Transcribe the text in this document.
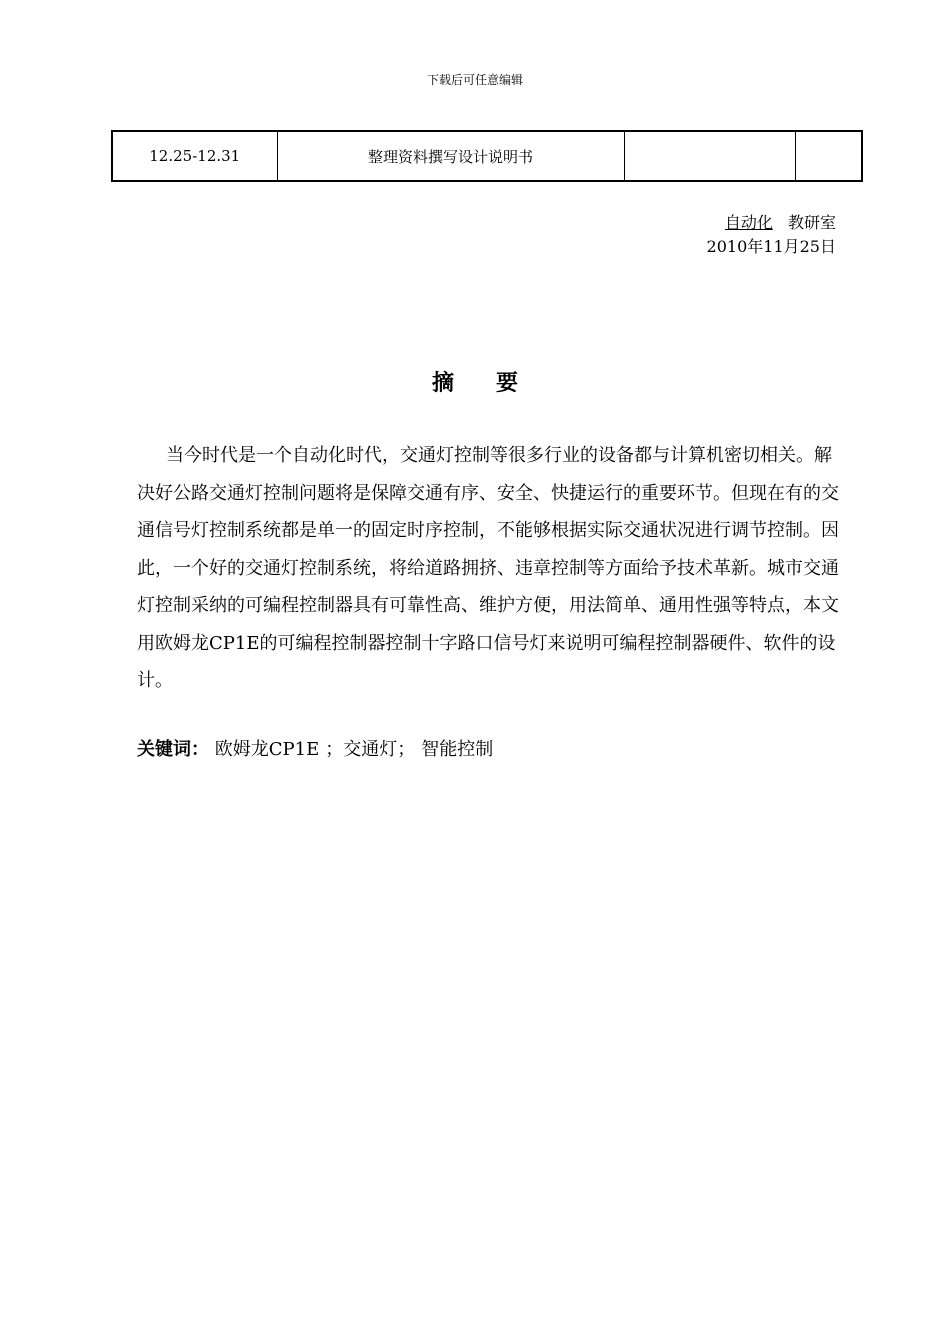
下载后可任意编辑
12.25-12.31	整理资料撰写设计说明书		
自动化 教研室
2010年11月25日
摘要

当今时代是一个自动化时代，交通灯控制等很多行业的设备都与计算机密切相关。解决好公路交通灯控制问题将是保障交通有序、安全、快捷运行的重要环节。但现在有的交通信号灯控制系统都是单一的固定时序控制，不能够根据实际交通状况进行调节控制。因此，一个好的交通灯控制系统，将给道路拥挤、违章控制等方面给予技术革新。城市交通灯控制采纳的可编程控制器具有可靠性高、维护方便，用法简单、通用性强等特点，本文用欧姆龙CP1E的可编程控制器控制十字路口信号灯来说明可编程控制器硬件、软件的设计。

关键词： 欧姆龙CP1E ；交通灯； 智能控制
